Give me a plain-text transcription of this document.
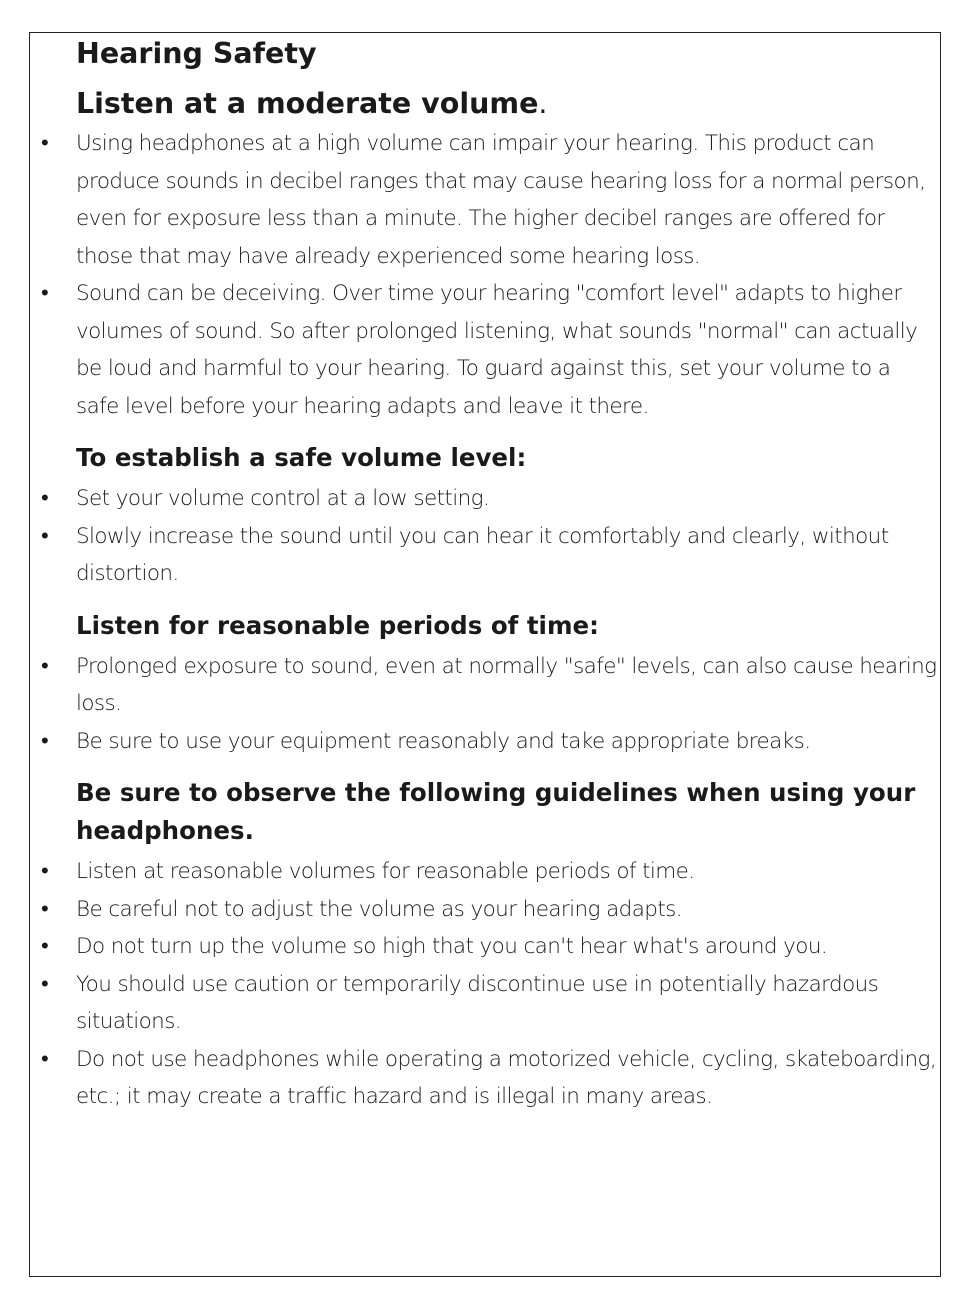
Hearing Safety
Listen at a moderate volume.
• Using headphones at a high volume can impair your hearing. This product can produce sounds in decibel ranges that may cause hearing loss for a normal person, even for exposure less than a minute. The higher decibel ranges are offered for those that may have already experienced some hearing loss.
• Sound can be deceiving. Over time your hearing "comfort level" adapts to higher volumes of sound. So after prolonged listening, what sounds "normal" can actually be loud and harmful to your hearing. To guard against this, set your volume to a safe level before your hearing adapts and leave it there.
To establish a safe volume level:
• Set your volume control at a low setting.
• Slowly increase the sound until you can hear it comfortably and clearly, without distortion.
Listen for reasonable periods of time:
• Prolonged exposure to sound, even at normally "safe" levels, can also cause hearing loss.
• Be sure to use your equipment reasonably and take appropriate breaks.
Be sure to observe the following guidelines when using your headphones.
• Listen at reasonable volumes for reasonable periods of time.
• Be careful not to adjust the volume as your hearing adapts.
• Do not turn up the volume so high that you can't hear what's around you.
• You should use caution or temporarily discontinue use in potentially hazardous situations.
• Do not use headphones while operating a motorized vehicle, cycling, skateboarding, etc.; it may create a traffic hazard and is illegal in many areas.
